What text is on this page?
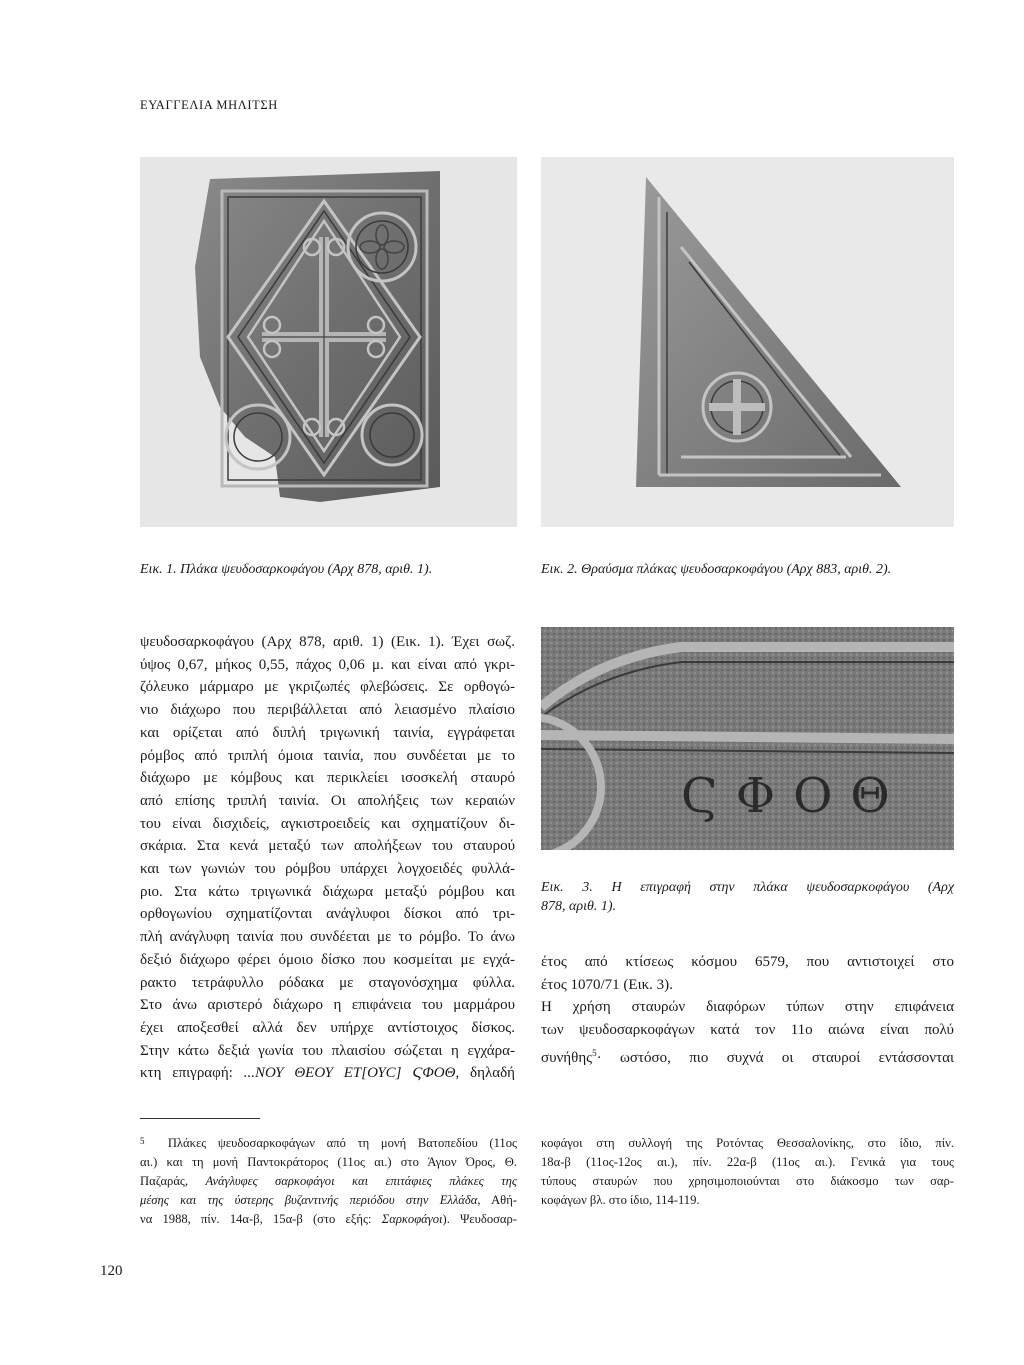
ΕΥΑΓΓΕΛΙΑ ΜΗΛΙΤΣΗ
Εικ. 1. Πλάκα ψευδοσαρκοφάγου (Αρχ 878, αριθ. 1).	Εικ. 2. Θραύσμα πλάκας ψευδοσαρκοφάγου (Αρχ 883, αριθ. 2).
ϚΦΟΘ
Εικ. 3. Η επιγραφή στην πλάκα ψευδοσαρκοφάγου (Αρχ
878, αριθ. 1).

ψευδοσαρκοφάγου (Αρχ 878, αριθ. 1) (Εικ. 1). Έχει σωζ.

ύψος 0,67, μήκος 0,55, πάχος 0,06 μ. και είναι από γκρι-

ζόλευκο μάρμαρο με γκριζωπές φλεβώσεις. Σε ορθογώ-

νιο διάχωρο που περιβάλλεται από λειασμένο πλαίσιο

και ορίζεται από διπλή τριγωνική ταινία, εγγράφεται

ρόμβος από τριπλή όμοια ταινία, που συνδέεται με το

διάχωρο με κόμβους και περικλείει ισοσκελή σταυρό

από επίσης τριπλή ταινία. Οι απολήξεις των κεραιών

του είναι δισχιδείς, αγκιστροειδείς και σχηματίζουν δι-

σκάρια. Στα κενά μεταξύ των απολήξεων του σταυρού

και των γωνιών του ρόμβου υπάρχει λογχοειδές φυλλά-

ριο. Στα κάτω τριγωνικά διάχωρα μεταξύ ρόμβου και

ορθογωνίου σχηματίζονται ανάγλυφοι δίσκοι από τρι-

πλή ανάγλυφη ταινία που συνδέεται με το ρόμβο. Το άνω

δεξιό διάχωρο φέρει όμοιο δίσκο που κοσμείται με εγχά-

ρακτο τετράφυλλο ρόδακα με σταγονόσχημα φύλλα.

Στο άνω αριστερό διάχωρο η επιφάνεια του μαρμάρου

έχει αποξεσθεί αλλά δεν υπήρχε αντίστοιχος δίσκος.

Στην κάτω δεξιά γωνία του πλαισίου σώζεται η εγχάρα-

κτη επιγραφή: ...ΝΟΥ ΘΕΟΥ ΕΤ[ΟΥϹ] ϚΦΟΘ, δηλαδή

έτος από κτίσεως κόσμου 6579, που αντιστοιχεί στο

έτος 1070/71 (Εικ. 3).

Η χρήση σταυρών διαφόρων τύπων στην επιφάνεια

των ψευδοσαρκοφάγων κατά τον 11ο αιώνα είναι πολύ

συνήθης$^5$· ωστόσο, πιο συχνά οι σταυροί εντάσσονται

$^5$ Πλάκες ψευδοσαρκοφάγων από τη μονή Βατοπεδίου (11ος

αι.) και τη μονή Παντοκράτορος (11ος αι.) στο Άγιον Όρος, Θ.

Παζαράς, Ανάγλυφες σαρκοφάγοι και επιτάφιες πλάκες της

μέσης και της ύστερης βυζαντινής περιόδου στην Ελλάδα, Αθή-

να 1988, πίν. 14α-β, 15α-β (στο εξής: Σαρκοφάγοι). Ψευδοσαρ-

κοφάγοι στη συλλογή της Ροτόντας Θεσσαλονίκης, στο ίδιο, πίν.

18α-β (11ος-12ος αι.), πίν. 22α-β (11ος αι.). Γενικά για τους

τύπους σταυρών που χρησιμοποιούνται στο διάκοσμο των σαρ-

κοφάγων βλ. στο ίδιο, 114-119.

120
